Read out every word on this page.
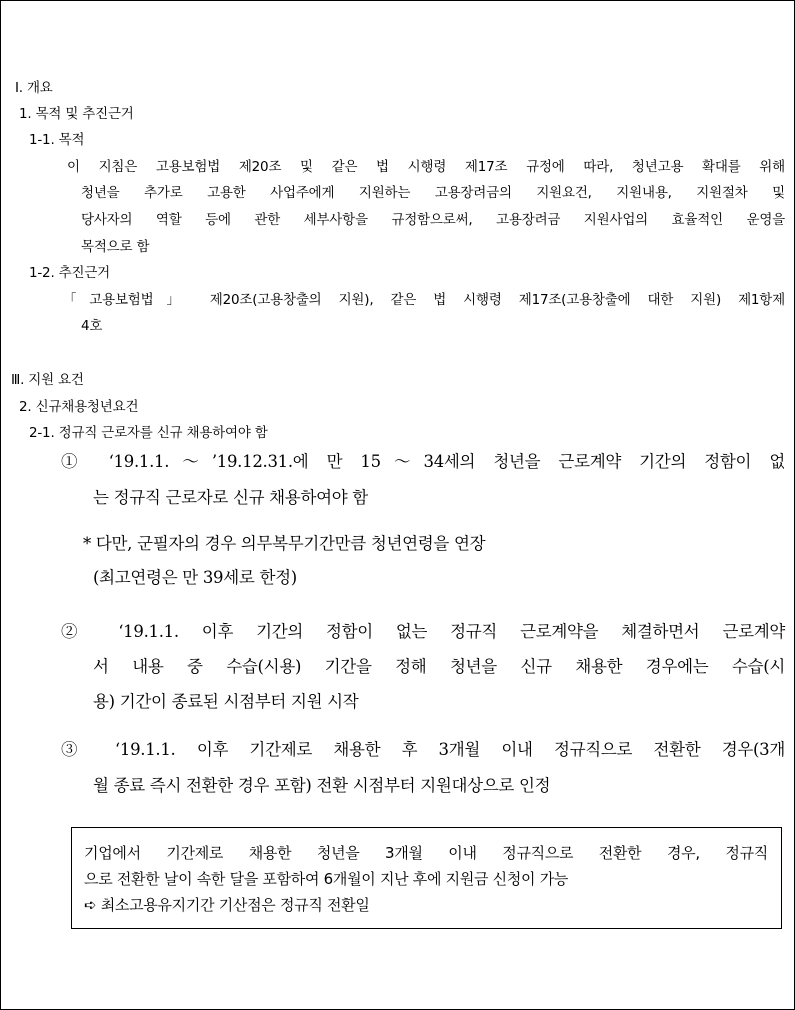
Ⅰ. 개요
1. 목적 및 추진근거
1-1. 목적
이 지침은 고용보험법 제20조 및 같은 법 시행령 제17조 규정에 따라, 청년고용 확대를 위해
청년을 추가로 고용한 사업주에게 지원하는 고용장려금의 지원요건, 지원내용, 지원절차 및
당사자의 역할 등에 관한 세부사항을 규정함으로써, 고용장려금 지원사업의 효율적인 운영을
목적으로 함
1-2. 추진근거
「고용보험법」 제20조(고용창출의 지원), 같은 법 시행령 제17조(고용창출에 대한 지원) 제1항제
4호
Ⅲ. 지원 요건
2. 신규채용청년요건
2-1. 정규직 근로자를 신규 채용하여야 함
① ‘19.1.1.～’19.12.31.에 만 15～34세의 청년을 근로계약 기간의 정함이 없
는 정규직 근로자로 신규 채용하여야 함
* 다만, 군필자의 경우 의무복무기간만큼 청년연령을 연장
(최고연령은 만 39세로 한정)
② ‘19.1.1. 이후 기간의 정함이 없는 정규직 근로계약을 체결하면서 근로계약
서 내용 중 수습(시용) 기간을 정해 청년을 신규 채용한 경우에는 수습(시
용) 기간이 종료된 시점부터 지원 시작
③ ‘19.1.1. 이후 기간제로 채용한 후 3개월 이내 정규직으로 전환한 경우(3개
월 종료 즉시 전환한 경우 포함) 전환 시점부터 지원대상으로 인정
기업에서 기간제로 채용한 청년을 3개월 이내 정규직으로 전환한 경우, 정규직
으로 전환한 날이 속한 달을 포함하여 6개월이 지난 후에 지원금 신청이 가능
➪ 최소고용유지기간 기산점은 정규직 전환일
